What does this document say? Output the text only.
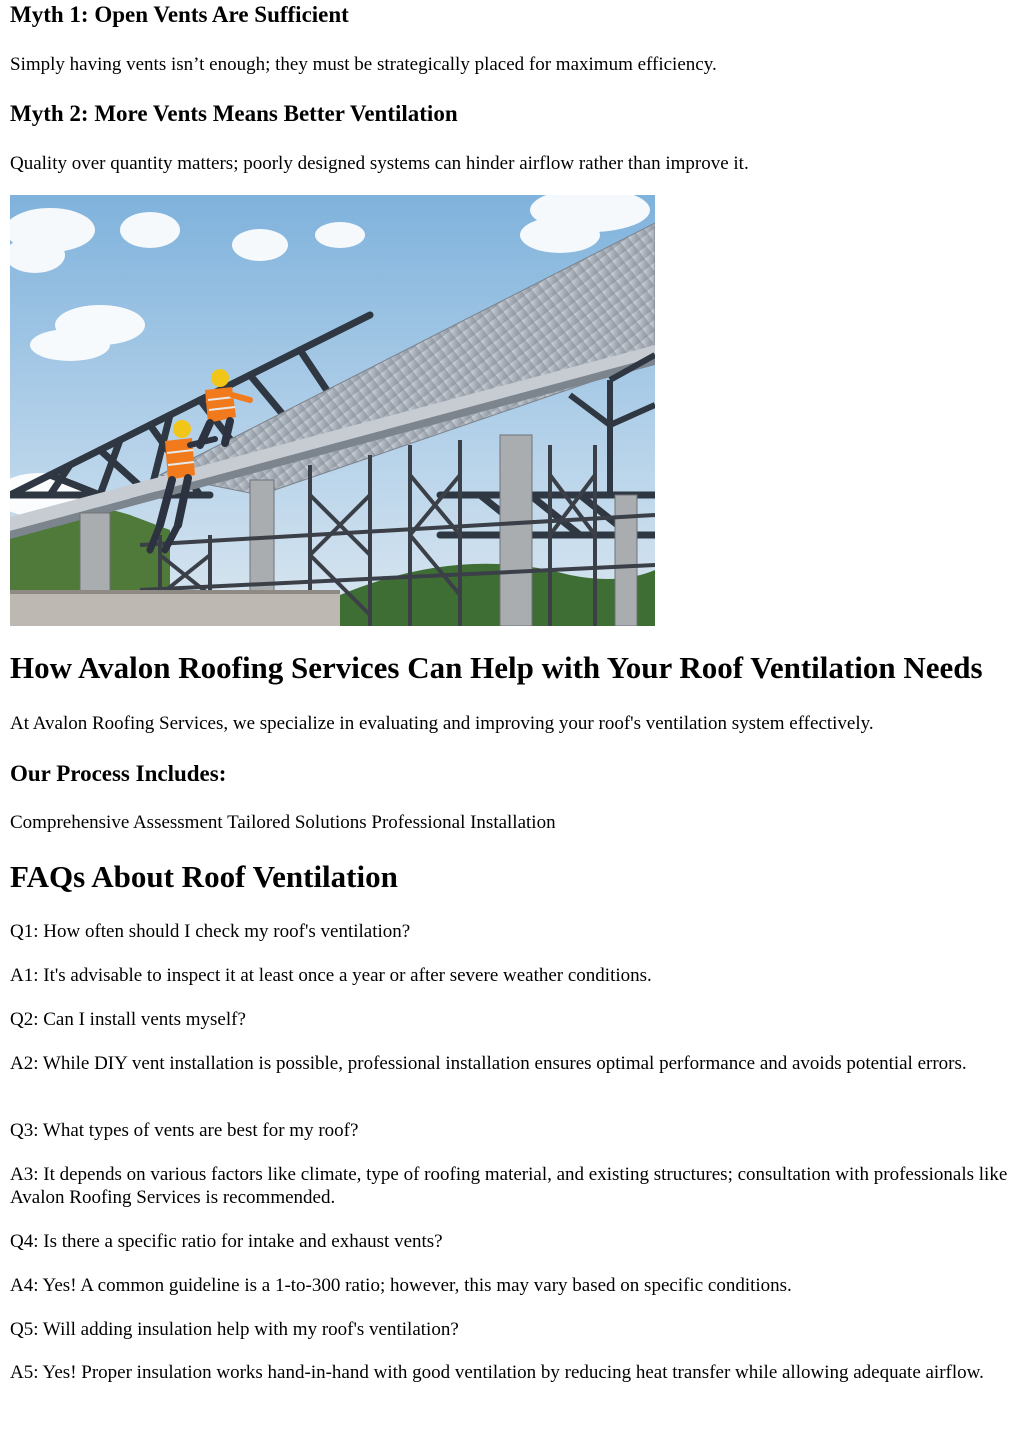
Myth 1: Open Vents Are Sufficient

Simply having vents isn’t enough; they must be strategically placed for maximum efficiency.

Myth 2: More Vents Means Better Ventilation

Quality over quantity matters; poorly designed systems can hinder airflow rather than improve it.

How Avalon Roofing Services Can Help with Your Roof Ventilation Needs

At Avalon Roofing Services, we specialize in evaluating and improving your roof's ventilation system effectively.

Our Process Includes:

Comprehensive Assessment Tailored Solutions Professional Installation

FAQs About Roof Ventilation

Q1: How often should I check my roof's ventilation?

A1: It's advisable to inspect it at least once a year or after severe weather conditions.

Q2: Can I install vents myself?

A2: While DIY vent installation is possible, professional installation ensures optimal performance and avoids potential errors.

Q3: What types of vents are best for my roof?

A3: It depends on various factors like climate, type of roofing material, and existing structures; consultation with professionals like Avalon Roofing Services is recommended.

Q4: Is there a specific ratio for intake and exhaust vents?

A4: Yes! A common guideline is a 1-to-300 ratio; however, this may vary based on specific conditions.

Q5: Will adding insulation help with my roof's ventilation?

A5: Yes! Proper insulation works hand-in-hand with good ventilation by reducing heat transfer while allowing adequate airflow.
